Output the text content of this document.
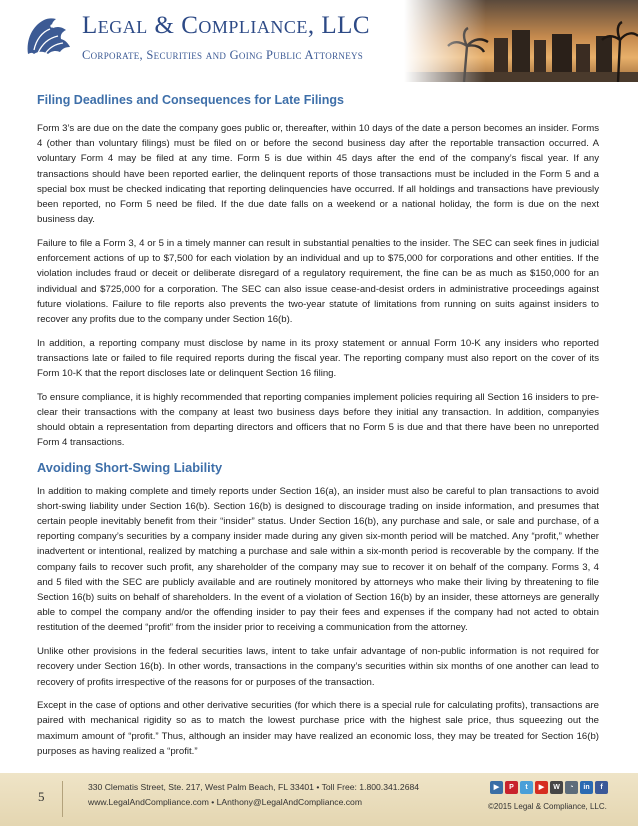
Legal & Compliance, LLC
Corporate, Securities and Going Public Attorneys
Filing Deadlines and Consequences for Late Filings

Form 3’s are due on the date the company goes public or, thereafter, within 10 days of the date a person becomes an insider. Forms 4 (other than voluntary filings) must be filed on or before the second business day after the reportable transaction occurred. A voluntary Form 4 may be filed at any time. Form 5 is due within 45 days after the end of the company’s fiscal year. If any transactions should have been reported earlier, the delinquent reports of those transactions must be included in the Form 5 and a special box must be checked indicating that reporting delinquencies have occurred. If all holdings and transactions have previously been reported, no Form 5 need be filed. If the due date falls on a weekend or a national holiday, the form is due on the next business day.

Failure to file a Form 3, 4 or 5 in a timely manner can result in substantial penalties to the insider. The SEC can seek fines in judicial enforcement actions of up to $7,500 for each violation by an individual and up to $75,000 for corporations and other entities. If the violation includes fraud or deceit or deliberate disregard of a regulatory requirement, the fine can be as much as $150,000 for an individual and $725,000 for a corporation. The SEC can also issue cease-and-desist orders in administrative proceedings against future violations. Failure to file reports also prevents the two-year statute of limitations from running on suits against insiders to recover any profits due to the company under Section 16(b).

In addition, a reporting company must disclose by name in its proxy statement or annual Form 10-K any insiders who reported transactions late or failed to file required reports during the fiscal year. The reporting company must also report on the cover of its Form 10-K that the report discloses late or delinquent Section 16 filing.

To ensure compliance, it is highly recommended that reporting companies implement policies requiring all Section 16 insiders to pre-clear their transactions with the company at least two business days before they initial any transaction. In addition, companyies should obtain a representation from departing directors and officers that no Form 5 is due and that there have been no unreported Form 4 transactions.

Avoiding Short-Swing Liability

In addition to making complete and timely reports under Section 16(a), an insider must also be careful to plan transactions to avoid short-swing liability under Section 16(b). Section 16(b) is designed to discourage trading on inside information, and presumes that certain people inevitably benefit from their “insider” status. Under Section 16(b), any purchase and sale, or sale and purchase, of a reporting company’s securities by a company insider made during any given six-month period will be matched. Any “profit,” whether inadvertent or intentional, realized by matching a purchase and sale within a six-month period is recoverable by the company. If the company fails to recover such profit, any shareholder of the company may sue to recover it on behalf of the company. Forms 3, 4 and 5 filed with the SEC are publicly available and are routinely monitored by attorneys who make their living by threatening to file Section 16(b) suits on behalf of shareholders. In the event of a violation of Section 16(b) by an insider, these attorneys are generally able to compel the company and/or the offending insider to pay their fees and expenses if the company had not acted to obtain restitution of the deemed “profit” from the insider prior to receiving a communication from the attorney.

Unlike other provisions in the federal securities laws, intent to take unfair advantage of non-public information is not required for recovery under Section 16(b). In other words, transactions in the company’s securities within six months of one another can lead to recovery of profits irrespective of the reasons for or purposes of the transaction.

Except in the case of options and other derivative securities (for which there is a special rule for calculating profits), transactions are paired with mechanical rigidity so as to match the lowest purchase price with the highest sale price, thus squeezing out the maximum amount of “profit.” Thus, although an insider may have realized an economic loss, they may be treated for Section 16(b) purposes as having realized a “profit.”

5
330 Clematis Street, Ste. 217, West Palm Beach, FL 33401 • Toll Free: 1.800.341.2684
www.LegalAndCompliance.com • LAnthony@LegalAndCompliance.com
▶	P	t	▶	W	◔	in	f
©2015 Legal & Compliance, LLC.
